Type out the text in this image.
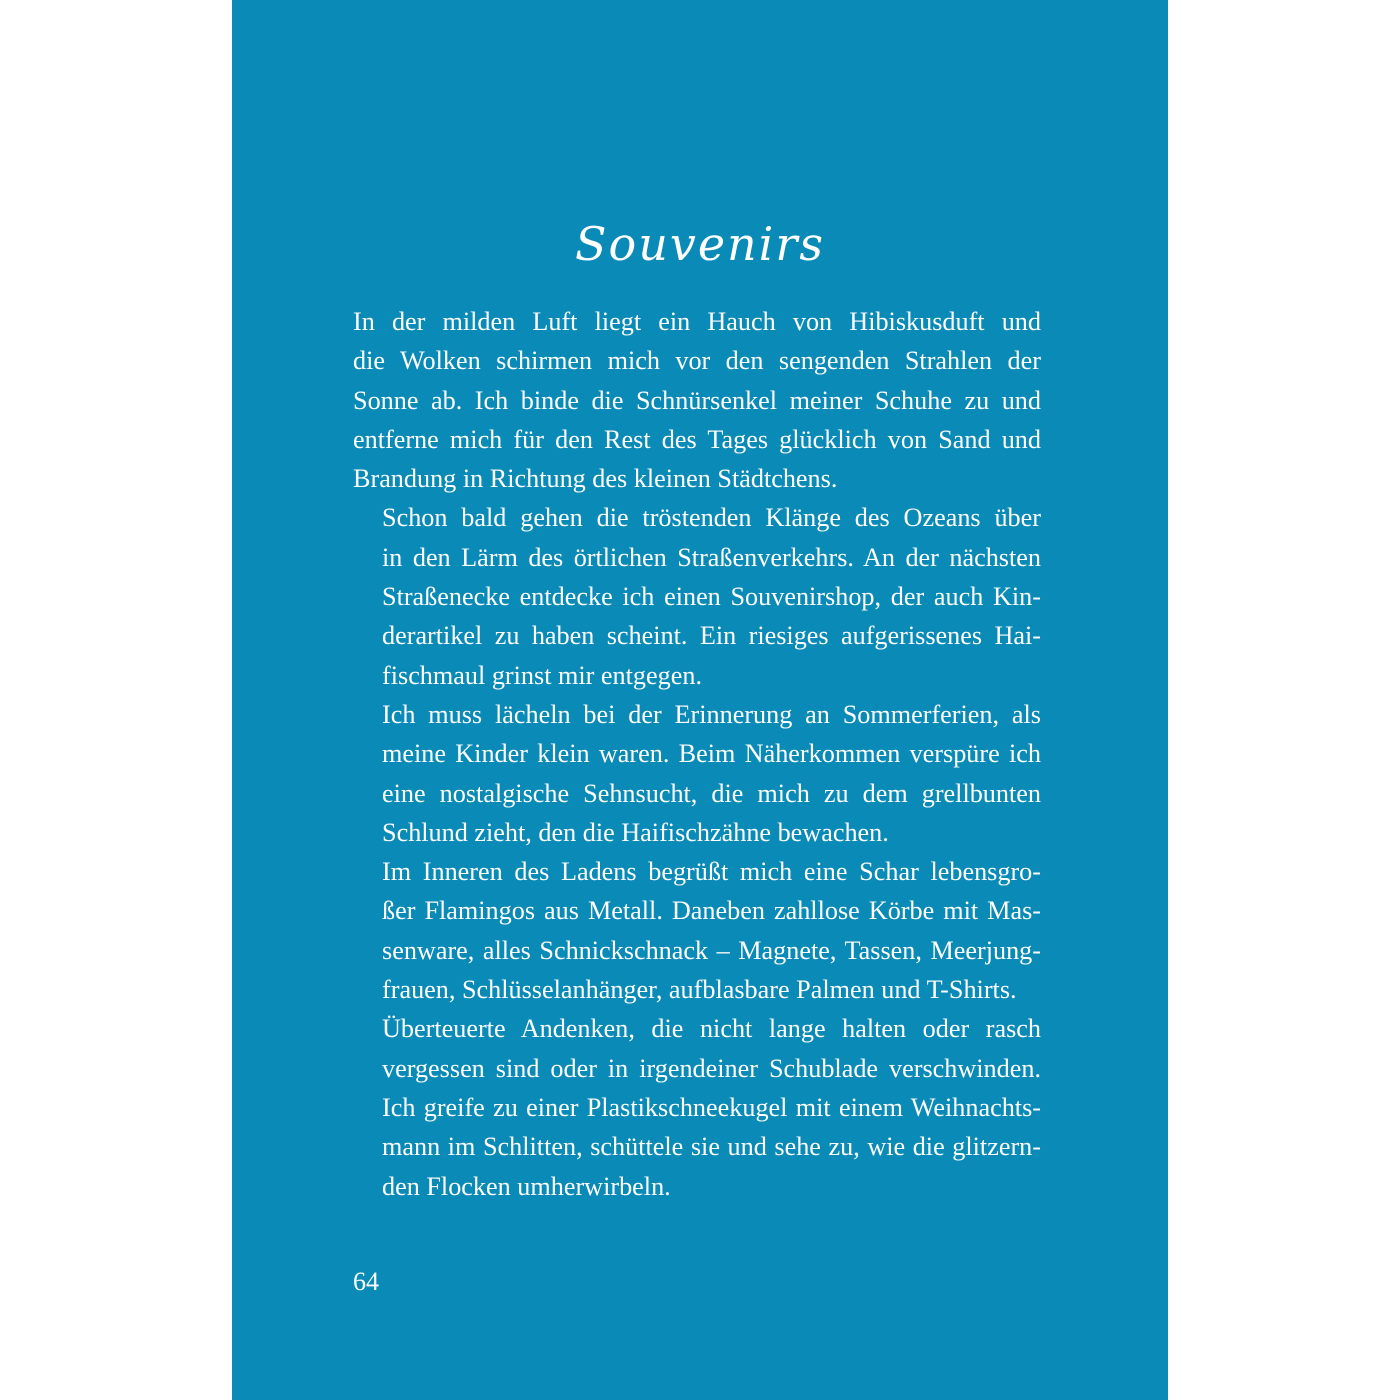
Souvenirs

In der milden Luft liegt ein Hauch von Hibiskusduft und
die Wolken schirmen mich vor den sengenden Strahlen der
Sonne ab. Ich binde die Schnürsenkel meiner Schuhe zu und
entferne mich für den Rest des Tages glücklich von Sand und
Brandung in Richtung des kleinen Städtchens.

Schon bald gehen die tröstenden Klänge des Ozeans über
in den Lärm des örtlichen Straßenverkehrs. An der nächsten
Straßenecke entdecke ich einen Souvenirshop, der auch Kin-
derartikel zu haben scheint. Ein riesiges aufgerissenes Hai-
fischmaul grinst mir entgegen.

Ich muss lächeln bei der Erinnerung an Sommerferien, als
meine Kinder klein waren. Beim Näherkommen verspüre ich
eine nostalgische Sehnsucht, die mich zu dem grellbunten
Schlund zieht, den die Haifischzähne bewachen.

Im Inneren des Ladens begrüßt mich eine Schar lebensgro-
ßer Flamingos aus Metall. Daneben zahllose Körbe mit Mas-
senware, alles Schnickschnack – Magnete, Tassen, Meerjung-
frauen, Schlüsselanhänger, aufblasbare Palmen und T-Shirts.

Überteuerte Andenken, die nicht lange halten oder rasch
vergessen sind oder in irgendeiner Schublade verschwinden.
Ich greife zu einer Plastikschneekugel mit einem Weihnachts-
mann im Schlitten, schüttele sie und sehe zu, wie die glitzern-
den Flocken umherwirbeln.

64
